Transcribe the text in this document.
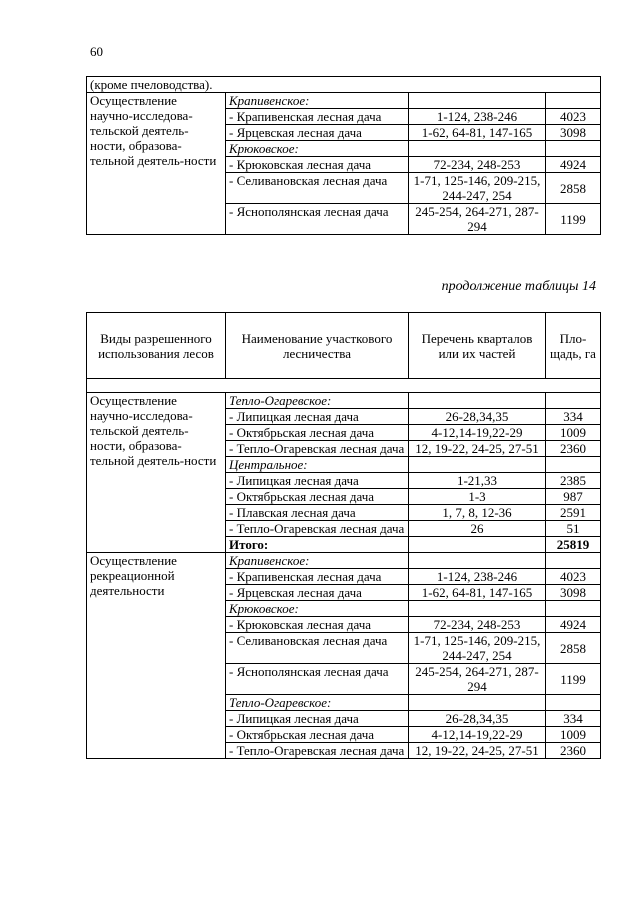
60
(кроме пчеловодства).			
Осуществление научно-исследова-тельской деятель-ности, образова-тельной деятель-ности	Крапивенское:		
	- Крапивенская лесная дача	1-124, 238-246	4023
	- Ярцевская лесная дача	1-62, 64-81, 147-165	3098
	Крюковское:		
	- Крюковская лесная дача	72-234, 248-253	4924
	- Селивановская лесная дача	1-71, 125-146, 209-215, 244-247, 254	2858
	- Яснополянская лесная дача	245-254, 264-271, 287-294	1199
продолжение таблицы 14
Виды разрешенного использования лесов	Наименование участкового лесничества	Перечень кварталов или их частей	Пло-щадь, га

Осуществление научно-исследова-тельской деятель-ности, образова-тельной деятель-ности	Тепло-Огаревское:		
	- Липицкая лесная дача	26-28,34,35	334
	- Октябрьская лесная дача	4-12,14-19,22-29	1009
	- Тепло-Огаревская лесная дача	12, 19-22, 24-25, 27-51	2360
	Центральное:		
	- Липицкая лесная дача	1-21,33	2385
	- Октябрьская лесная дача	1-3	987
	- Плавская лесная дача	1, 7, 8, 12-36	2591
	- Тепло-Огаревская лесная дача	26	51
	Итого:		25819
Осуществление рекреационной деятельности	Крапивенское:		
	- Крапивенская лесная дача	1-124, 238-246	4023
	- Ярцевская лесная дача	1-62, 64-81, 147-165	3098
	Крюковское:		
	- Крюковская лесная дача	72-234, 248-253	4924
	- Селивановская лесная дача	1-71, 125-146, 209-215, 244-247, 254	2858
	- Яснополянская лесная дача	245-254, 264-271, 287-294	1199
	Тепло-Огаревское:		
	- Липицкая лесная дача	26-28,34,35	334
	- Октябрьская лесная дача	4-12,14-19,22-29	1009
	- Тепло-Огаревская лесная дача	12, 19-22, 24-25, 27-51	2360
